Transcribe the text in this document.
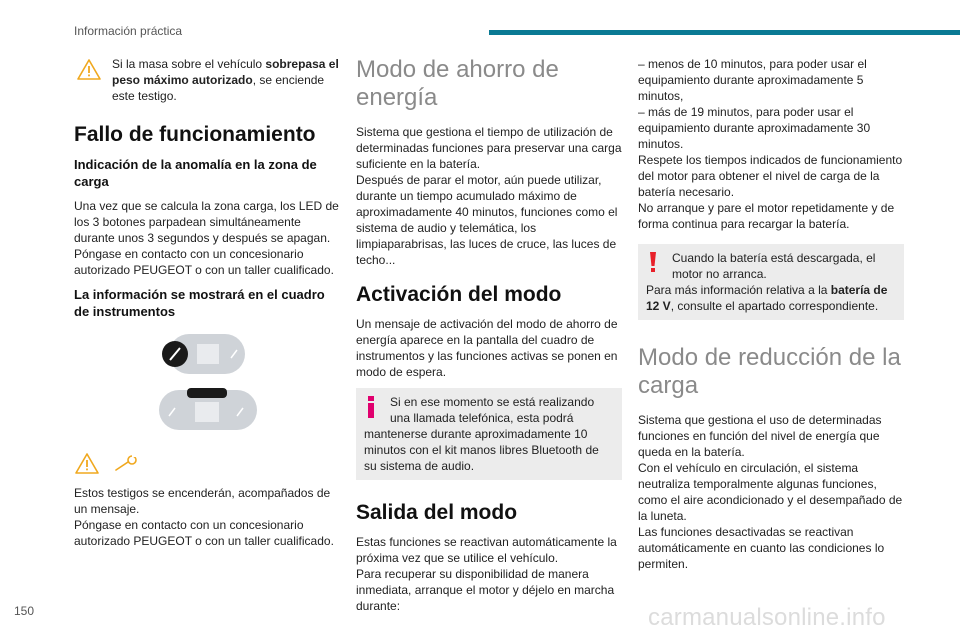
Información práctica

Si la masa sobre el vehículo sobrepasa el peso máximo autorizado, se enciende este testigo.

Fallo de funcionamiento
Indicación de la anomalía en la zona de carga

Una vez que se calcula la zona carga, los LED de los 3 botones parpadean simultáneamente durante unos 3 segundos y después se apagan.

Póngase en contacto con un concesionario autorizado PEUGEOT o con un taller cualificado.

La información se mostrará en el cuadro de instrumentos

Estos testigos se encenderán, acompañados de un mensaje.

Póngase en contacto con un concesionario autorizado PEUGEOT o con un taller cualificado.

Modo de ahorro de energía

Sistema que gestiona el tiempo de utilización de determinadas funciones para preservar una carga suficiente en la batería.

Después de parar el motor, aún puede utilizar, durante un tiempo acumulado máximo de aproximadamente 40 minutos, funciones como el sistema de audio y telemática, los limpiaparabrisas, las luces de cruce, las luces de techo...

Activación del modo

Un mensaje de activación del modo de ahorro de energía aparece en la pantalla del cuadro de instrumentos y las funciones activas se ponen en modo de espera.

Si en ese momento se está realizando una llamada telefónica, esta podrá
mantenerse durante aproximadamente 10 minutos con el kit manos libres Bluetooth de su sistema de audio.
Salida del modo

Estas funciones se reactivan automáticamente la próxima vez que se utilice el vehículo.

Para recuperar su disponibilidad de manera inmediata, arranque el motor y déjelo en marcha durante:

– menos de 10 minutos, para poder usar el equipamiento durante aproximadamente 5 minutos,

– más de 19 minutos, para poder usar el equipamiento durante aproximadamente 30 minutos.

Respete los tiempos indicados de funcionamiento del motor para obtener el nivel de carga de la batería necesario.

No arranque y pare el motor repetidamente y de forma continua para recargar la batería.

Cuando la batería está descargada, el motor no arranca.
Para más información relativa a la batería de 12 V, consulte el apartado correspondiente.
Modo de reducción de la carga

Sistema que gestiona el uso de determinadas funciones en función del nivel de energía que queda en la batería.

Con el vehículo en circulación, el sistema neutraliza temporalmente algunas funciones, como el aire acondicionado y el desempañado de la luneta.

Las funciones desactivadas se reactivan automáticamente en cuanto las condiciones lo permiten.

150	carmanualsonline.info
